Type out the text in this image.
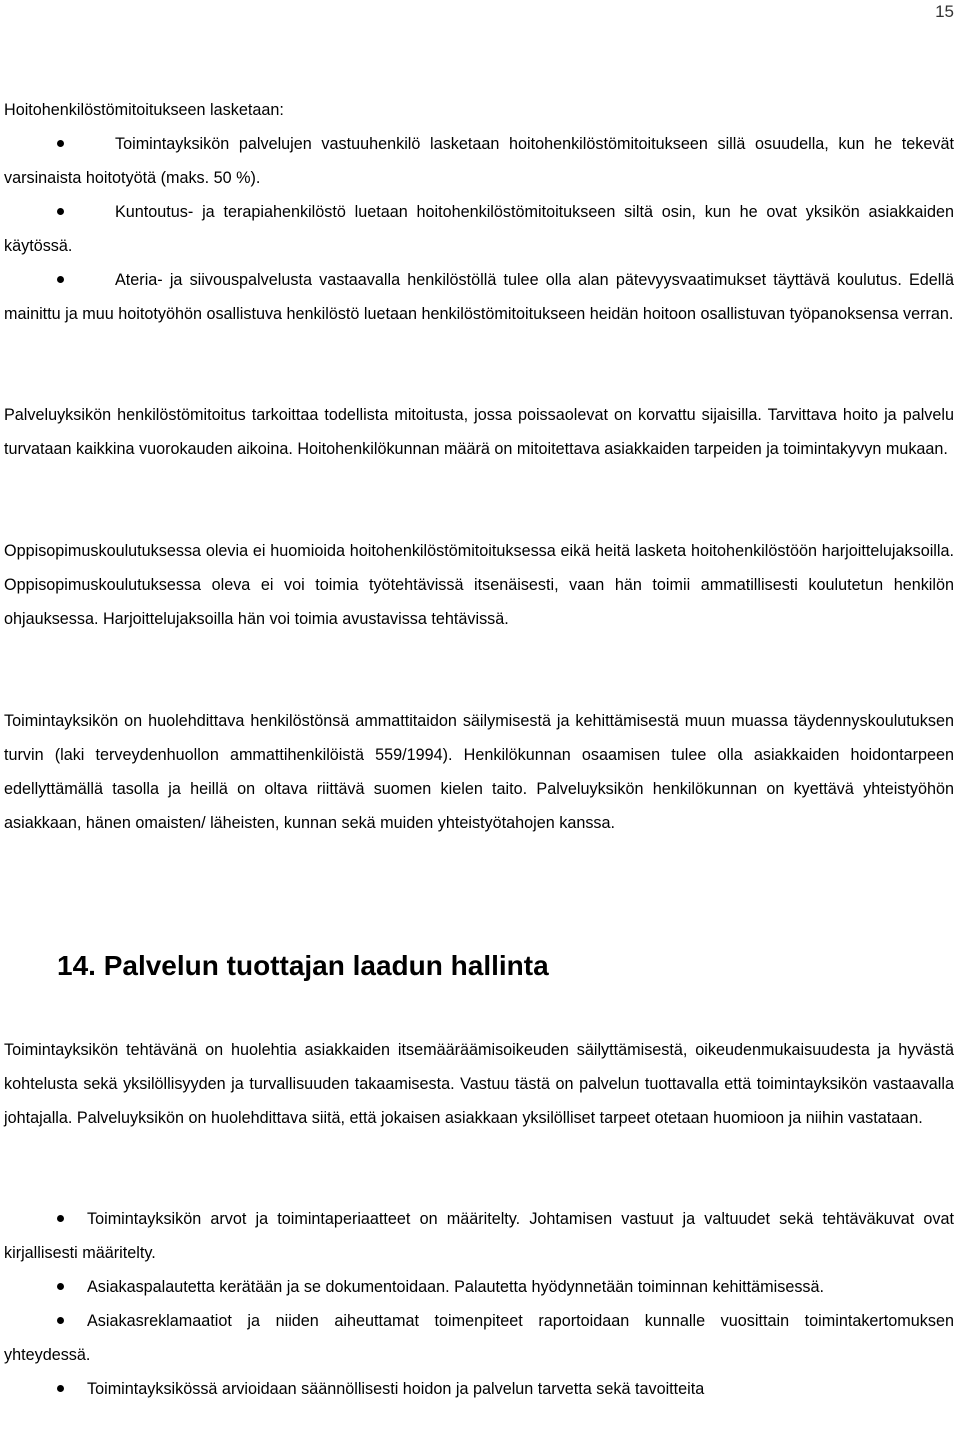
15

Hoitohenkilöstömitoitukseen lasketaan:

Toimintayksikön palvelujen vastuuhenkilö lasketaan hoitohenkilöstömitoitukseen sillä osuudella, kun he tekevät varsinaista hoitotyötä (maks. 50 %).
Kuntoutus- ja terapiahenkilöstö luetaan hoitohenkilöstömitoitukseen siltä osin, kun he ovat yksikön asiakkaiden käytössä.
Ateria- ja siivouspalvelusta vastaavalla henkilöstöllä tulee olla alan pätevyysvaatimukset täyttävä koulutus. Edellä mainittu ja muu hoitotyöhön osallistuva henkilöstö luetaan henkilöstömitoitukseen heidän hoitoon osallistuvan työpanoksensa verran.

Palveluyksikön henkilöstömitoitus tarkoittaa todellista mitoitusta, jossa poissaolevat on korvattu sijaisilla. Tarvittava hoito ja palvelu turvataan kaikkina vuorokauden aikoina. Hoitohenkilökunnan määrä on mitoitettava asiakkaiden tarpeiden ja toimintakyvyn mukaan.

Oppisopimuskoulutuksessa olevia ei huomioida hoitohenkilöstömitoituksessa eikä heitä lasketa hoitohenkilöstöön harjoittelujaksoilla. Oppisopimuskoulutuksessa oleva ei voi toimia työtehtävissä itsenäisesti, vaan hän toimii ammatillisesti koulutetun henkilön ohjauksessa. Harjoittelujaksoilla hän voi toimia avustavissa tehtävissä.

Toimintayksikön on huolehdittava henkilöstönsä ammattitaidon säilymisestä ja kehittämisestä muun muassa täydennyskoulutuksen turvin (laki terveydenhuollon ammattihenkilöistä 559/1994). Henkilökunnan osaamisen tulee olla asiakkaiden hoidontarpeen edellyttämällä tasolla ja heillä on oltava riittävä suomen kielen taito. Palveluyksikön henkilökunnan on kyettävä yhteistyöhön asiakkaan, hänen omaisten/ läheisten, kunnan sekä muiden yhteistyötahojen kanssa.

14. Palvelun tuottajan laadun hallinta

Toimintayksikön tehtävänä on huolehtia asiakkaiden itsemääräämisoikeuden säilyttämisestä, oikeudenmukaisuudesta ja hyvästä kohtelusta sekä yksilöllisyyden ja turvallisuuden takaamisesta. Vastuu tästä on palvelun tuottavalla että toimintayksikön vastaavalla johtajalla. Palveluyksikön on huolehdittava siitä, että jokaisen asiakkaan yksilölliset tarpeet otetaan huomioon ja niihin vastataan.

Toimintayksikön arvot ja toimintaperiaatteet on määritelty. Johtamisen vastuut ja valtuudet sekä tehtäväkuvat ovat kirjallisesti määritelty.
Asiakaspalautetta kerätään ja se dokumentoidaan. Palautetta hyödynnetään toiminnan kehittämisessä.
Asiakasreklamaatiot ja niiden aiheuttamat toimenpiteet raportoidaan kunnalle vuosittain toimintakertomuksen yhteydessä.
Toimintayksikössä arvioidaan säännöllisesti hoidon ja palvelun tarvetta sekä tavoitteita
